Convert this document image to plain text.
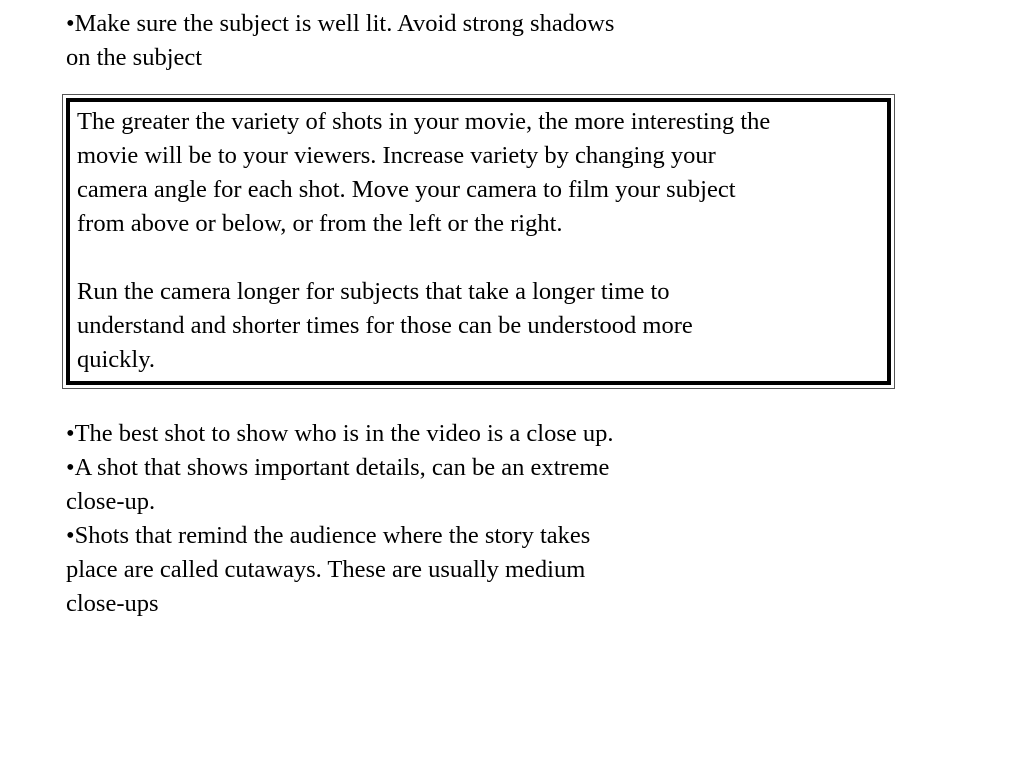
•Make sure the subject is well lit. Avoid strong shadows
on the subject
The greater the variety of shots in your movie, the more interesting the
movie will be to your viewers. Increase variety by changing your
camera angle for each shot. Move your camera to film your subject
from above or below, or from the left or the right.
Run the camera longer for subjects that take a longer time to
understand and shorter times for those can be understood more
quickly.
•The best shot to show who is in the video is a close up.
•A shot that shows important details, can be an extreme
close-up.
•Shots that remind the audience where the story takes
place are called cutaways. These are usually medium
close-ups
